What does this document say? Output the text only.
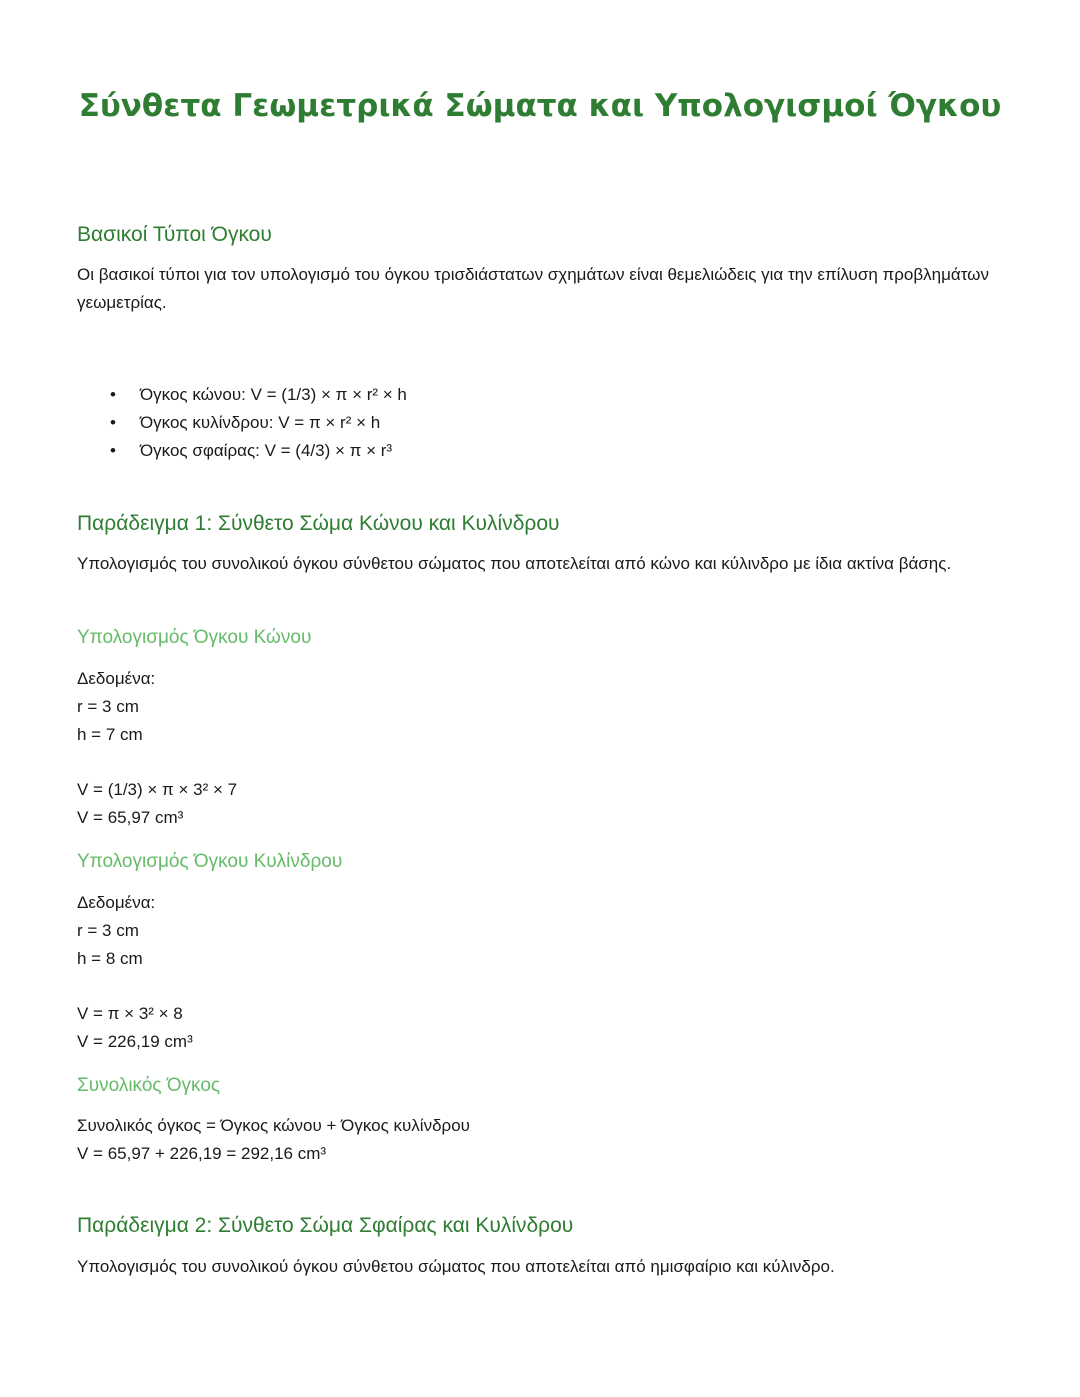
Σύνθετα Γεωμετρικά Σώματα και Υπολογισμοί Όγκου
Βασικοί Τύποι Όγκου

Οι βασικοί τύποι για τον υπολογισμό του όγκου τρισδιάστατων σχημάτων είναι θεμελιώδεις για την επίλυση προβλημάτων γεωμετρίας.

• Όγκος κώνου: V = (1/3) × π × r² × h
• Όγκος κυλίνδρου: V = π × r² × h
• Όγκος σφαίρας: V = (4/3) × π × r³
Παράδειγμα 1: Σύνθετο Σώμα Κώνου και Κυλίνδρου

Υπολογισμός του συνολικού όγκου σύνθετου σώματος που αποτελείται από κώνο και κύλινδρο με ίδια ακτίνα βάσης.

Υπολογισμός Όγκου Κώνου
Δεδομένα:
r = 3 cm
h = 7 cm
V = (1/3) × π × 3² × 7
V = 65,97 cm³
Υπολογισμός Όγκου Κυλίνδρου
Δεδομένα:
r = 3 cm
h = 8 cm
V = π × 3² × 8
V = 226,19 cm³
Συνολικός Όγκος
Συνολικός όγκος = Όγκος κώνου + Όγκος κυλίνδρου
V = 65,97 + 226,19 = 292,16 cm³
Παράδειγμα 2: Σύνθετο Σώμα Σφαίρας και Κυλίνδρου

Υπολογισμός του συνολικού όγκου σύνθετου σώματος που αποτελείται από ημισφαίριο και κύλινδρο.
